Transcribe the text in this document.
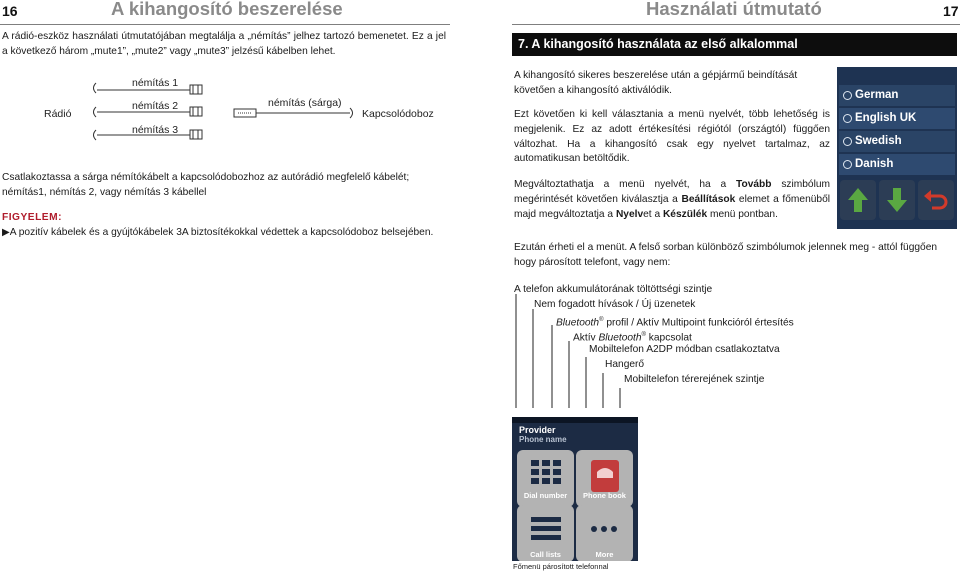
16	A kihangosító beszerelése
A rádió-eszköz használati útmutatójában megtalálja a „némítás” jelhez tartozó bemenetet. Ez a jel a következő három „mute1”, „mute2” vagy „mute3” jelzésű kábelben lehet.
Rádió
némítás 1
némítás 2
némítás 3
némítás (sárga)
Kapcsolódoboz
Csatlakoztassa a sárga némítókábelt a kapcsolódobozhoz az autórádió megfelelő kábelét; némítás1, némítás 2, vagy némítás 3 kábellel
FIGYELEM:
▶A pozitív kábelek és a gyújtókábelek 3A biztosítékokkal védettek a kapcsolódoboz belsejében.
Használati útmutató	17
7. A kihangosító használata az első alkalommal
A kihangosító sikeres beszerelése után a gépjármű beindítását követően a kihangosító aktiválódik.
Ezt követően ki kell választania a menü nyelvét, több lehetőség is megjelenik. Ez az adott értékesítési régiótól (országtól) függően változhat. Ha a kihangosító csak egy nyelvet tartalmaz, az automatikusan betöltődik.
Megváltoztathatja a menü nyelvét, ha a Tovább szimbólum megérintését követően kiválasztja a Beállítások elemet a főmenüből majd megváltoztatja a Nyelvet a Készülék menü pontban.
German
English UK
Swedish
Danish
Ezután érheti el a menüt. A felső sorban különböző szimbólumok jelennek meg - attól függően hogy párosított telefont, vagy nem:
A telefon akkumulátorának töltöttségi szintje
Nem fogadott hívások / Új üzenetek
Bluetooth® profil / Aktív Multipoint funkcióról értesítés
Aktív Bluetooth® kapcsolat
Mobiltelefon A2DP módban csatlakoztatva
Hangerő
Mobiltelefon térerejének szintje
Provider
Phone name
Dial number	Phone book
Call lists	More
Főmenü párosított telefonnal
